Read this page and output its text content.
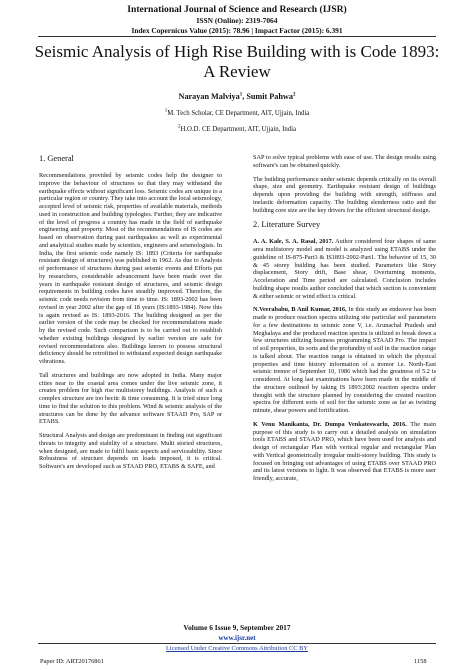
International Journal of Science and Research (IJSR)
ISSN (Online): 2319-7064
Index Copernicus Value (2015): 78.96 | Impact Factor (2015): 6.391
Seismic Analysis of High Rise Building with is Code 1893: A Review
Narayan Malviya$^1$, Sumit Pahwa$^2$
$^1$M. Tech Scholar, CE Department, AIT, Ujjain, India
$^2$H.O.D. CE Department, AIT, Ujjain, India
1. General

Recommendations provided by seismic codes help the designer to improve the behaviour of structures so that they may withstand the earthquake effects without significant loss. Seismic codes are unique to a particular region or country. They take into account the local seismology, accepted level of seismic risk, properties of available materials, methods used in construction and building typologies. Further, they are indicative of the level of progress a country has made in the field of earthquake engineering and property. Most of the recommendations of IS codes are based on observation during past earthquakes as well as experimental and analytical studies made by scientists, engineers and seismologists. In India, the first seismic code namely IS: 1893 (Criteria for earthquake resistant design of structures) was published in 1962. As due to Analysis of performance of structures during past seismic events and Efforts put by researchers, considerable advancement have been made over the years in earthquake resistant design of structures, and seismic design requirements in building codes have steadily improved. Therefore, the seismic code needs revision from time to time. IS: 1893-2002 has been revised in year 2002 after the gap of 18 years (IS:1893-1984). Now this is again revised as IS: 1893-2016. The building designed as per the earlier version of the code may be checked for recommendations made by the revised code. Such comparison is to be carried out to establish whether existing buildings designed by earlier version are safe for revised recommendations also. Buildings known to possess structural deficiency should be retrofitted to withstand expected design earthquake vibrations.

Tall structures and buildings are now adopted in India. Many major cities near to the coastal area comes under the live seismic zone, it creates problem for high rise multistorey buildings. Analysis of such a complex structure are too hectic & time consuming. It is tried since long time to find the solution to this problem. Wind & seismic analysis of the structures can be done by the advance software STAAD Pro, SAP or ETABS.

Structural Analysis and design are predominant in finding out significant threats to integrity and stability of a structure. Multi storied structures, when designed, are made to fulfil basic aspects and serviceability. Since Robustness of structure depends on loads imposed, it is critical. Software's are developed such as STAAD PRO, ETABS & SAFE, and

SAP to solve typical problems with ease of use. The design results using software's can be obtained quickly.

The building performance under seismic depends critically on its overall shape, size and geometry. Earthquake resistant design of buildings depends upon providing the building with strength, stiffness and inelastic deformation capacity. The building slenderness ratio and the building core size are the key drivers for the efficient structural design.

2. Literature Survey

A. A. Kale, S. A. Rasal, 2017. Author considered four shapes of same area multistorey model and model is analyzed using ETABS under the guideline of IS-875-Part3 & IS1893-2002-Part1. The behavior of 15, 30 & 45 storey building has been studied. Parameters like Story displacement, Story drift, Base shear, Overturning moments, Acceleration and Time period are calculated. Conclusion includes building shape results author concluded that which section is convenient & either seismic or wind effect is critical.

N.Veerababu, B Anil Kumar, 2016, In this study an endeavor has been made to produce reaction spectra utilizing site particular soil parameters for a few destinations in seismic zone V, i.e. Arunachal Pradesh and Meghalaya and the produced reaction spectra is utilized to break down a few structures utilizing business programming STAAD Pro. The impact of soil properties, its sorts and the profundity of soil in the reaction range is talked about. The reaction range is obtained in which the physical properties and time history information of a tremor i.e. North-East seismic tremor of September 10, 1986 which had the greatness of 5.2 is considered. At long last examinations have been made in the middle of the structure outlined by taking IS 1893:2002 reaction spectra under thought with the structure planned by considering the created reaction spectra for different sorts of soil for the seismic zone as far as twisting minute, shear powers and fortification.

K Venu Manikanta, Dr. Dumpa Venkateswarlu, 2016. The main purpose of this study is to carry out a detailed analysis on simulation tools ETABS and STAAD PRO, which have been used for analysis and design of rectangular Plan with vertical regular and rectangular Plan with Vertical geometrically irregular multi-storey building. This study is focused on bringing out advantages of using ETABS over STAAD PRO and its latest versions to light. It was observed that ETABS is more user friendly, accurate,

Volume 6 Issue 9, September 2017
www.ijsr.net
Licensed Under Creative Commons Attribution CC BY
Paper ID: ART20176861	1158
